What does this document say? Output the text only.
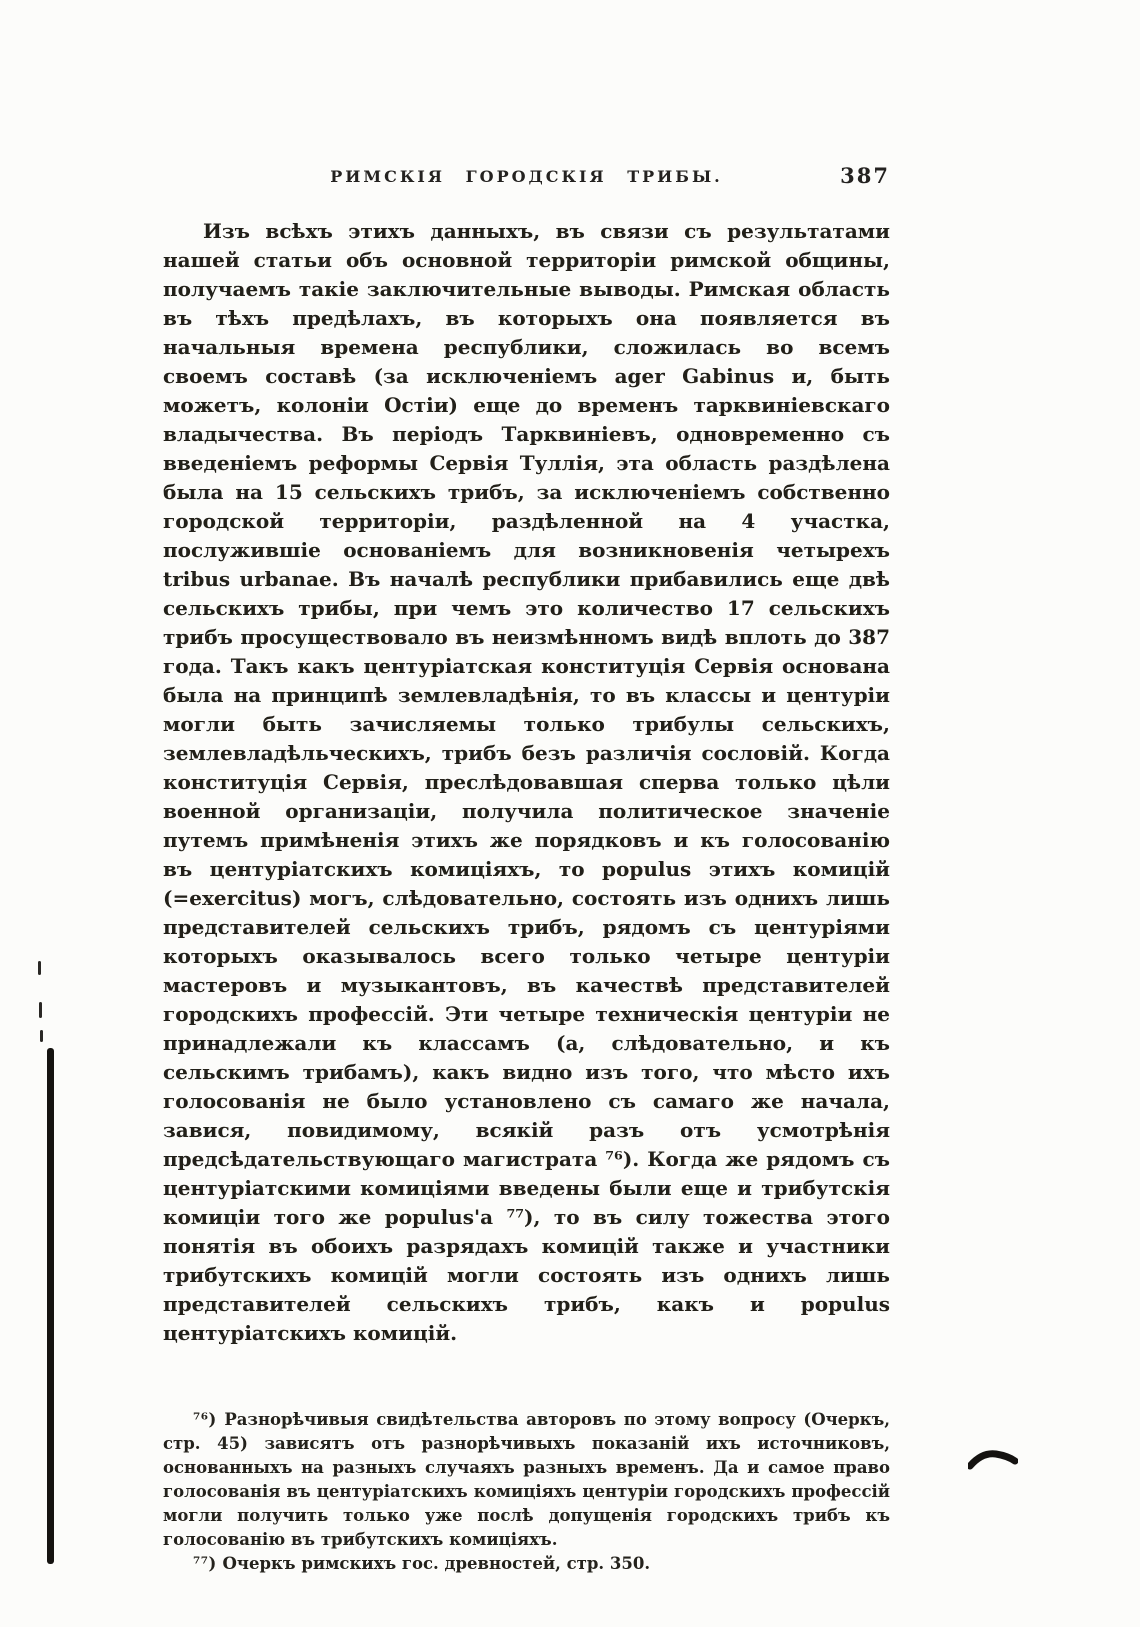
РИМСКІЯ ГОРОДСКІЯ ТРИБЫ.	387
Изъ всѣхъ этихъ данныхъ, въ связи съ результатами нашей статьи объ основной территоріи римской общины, получаемъ такіе заключительные выводы. Римская область въ тѣхъ предѣлахъ, въ которыхъ она появляется въ начальныя времена республики, сложилась во всемъ своемъ составѣ (за исключеніемъ ager Gabinus и, быть можетъ, колоніи Остіи) еще до временъ тарквиніевскаго владычества. Въ періодъ Тарквиніевъ, одновременно съ введеніемъ реформы Сервія Туллія, эта область раздѣлена была на 15 сельскихъ трибъ, за исключеніемъ собственно городской территоріи, раздѣленной на 4 участка, послужившіе основаніемъ для возникновенія четырехъ tribus urbanae. Въ началѣ республики прибавились еще двѣ сельскихъ трибы, при чемъ это количество 17 сельскихъ трибъ просуществовало въ неизмѣнномъ видѣ вплоть до 387 года. Такъ какъ центуріатская конституція Сервія основана была на принципѣ землевладѣнія, то въ классы и центуріи могли быть зачисляемы только трибулы сельскихъ, землевладѣльческихъ, трибъ безъ различія сословій. Когда конституція Сервія, преслѣдовавшая сперва только цѣли военной организаціи, получила политическое значеніе путемъ примѣненія этихъ же порядковъ и къ голосованію въ центуріатскихъ комиціяхъ, то populus этихъ комицій (=exercitus) могъ, слѣдовательно, состоять изъ однихъ лишь представителей сельскихъ трибъ, рядомъ съ центуріями которыхъ оказывалось всего только четыре центуріи мастеровъ и музыкантовъ, въ качествѣ представителей городскихъ профессій. Эти четыре техническія центуріи не принадлежали къ классамъ (а, слѣдовательно, и къ сельскимъ трибамъ), какъ видно изъ того, что мѣсто ихъ голосованія не было установлено съ самаго же начала, завися, повидимому, всякій разъ отъ усмотрѣнія предсѣдательствующаго магистрата ⁷⁶). Когда же рядомъ съ центуріатскими комиціями введены были еще и трибутскія комиціи того же populus'а ⁷⁷), то въ силу тожества этого понятія въ обоихъ разрядахъ комицій также и участники трибутскихъ комицій могли состоять изъ однихъ лишь представителей сельскихъ трибъ, какъ и populus центуріатскихъ комицій.

⁷⁶) Разнорѣчивыя свидѣтельства авторовъ по этому вопросу (Очеркъ, стр. 45) зависятъ отъ разнорѣчивыхъ показаній ихъ источниковъ, основанныхъ на разныхъ случаяхъ разныхъ временъ. Да и самое право голосованія въ центуріатскихъ комиціяхъ центуріи городскихъ профессій могли получить только уже послѣ допущенія городскихъ трибъ къ голосованію въ трибутскихъ комиціяхъ.

⁷⁷) Очеркъ римскихъ гос. древностей, стр. 350.
